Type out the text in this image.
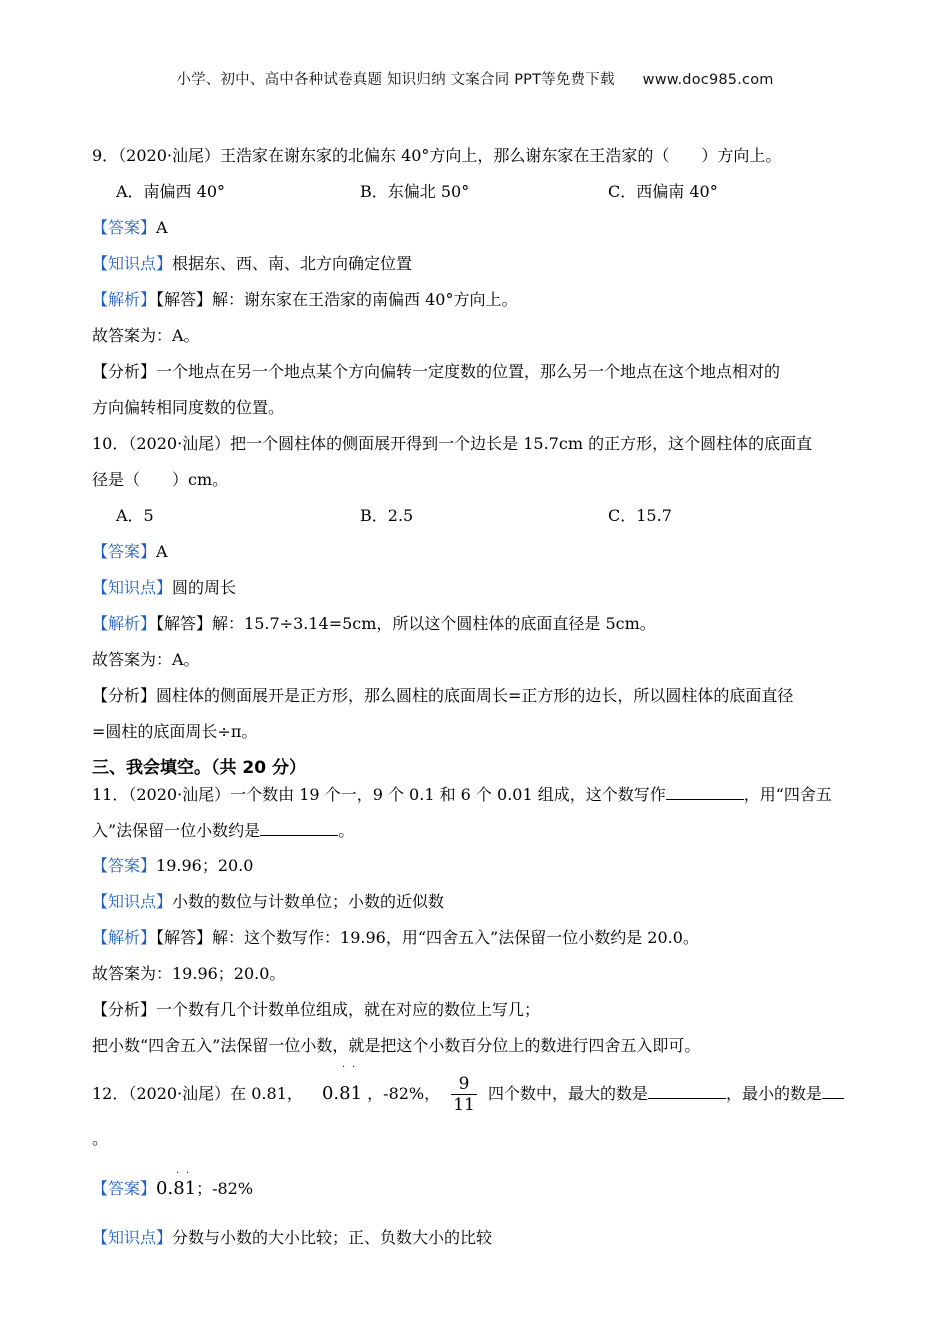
小学、初中、高中各种试卷真题 知识归纳 文案合同 PPT等免费下载 www.doc985.com
9．（2020·汕尾）王浩家在谢东家的北偏东 40°方向上，那么谢东家在王浩家的（　　）方向上。
A．南偏西 40°	B．东偏北 50°	C．西偏南 40°
【答案】A
【知识点】根据东、西、南、北方向确定位置
【解析】【解答】解：谢东家在王浩家的南偏西 40°方向上。
故答案为：A。
【分析】一个地点在另一个地点某个方向偏转一定度数的位置，那么另一个地点在这个地点相对的
方向偏转相同度数的位置。
10．（2020·汕尾）把一个圆柱体的侧面展开得到一个边长是 15.7cm 的正方形，这个圆柱体的底面直
径是（　　）cm。
A．5	B．2.5	C．15.7
【答案】A
【知识点】圆的周长
【解析】【解答】解：15.7÷3.14=5cm，所以这个圆柱体的底面直径是 5cm。
故答案为：A。
【分析】圆柱体的侧面展开是正方形，那么圆柱的底面周长=正方形的边长，所以圆柱体的底面直径
=圆柱的底面周长÷π。
三、我会填空。（共 20 分）
11．（2020·汕尾）一个数由 19 个一，9 个 0.1 和 6 个 0.01 组成，这个数写作	，用“四舍五
入”法保留一位小数约是	。
【答案】19.96；20.0
【知识点】小数的数位与计数单位；小数的近似数
【解析】【解答】解：这个数写作：19.96，用“四舍五入”法保留一位小数约是 20.0。
故答案为：19.96；20.0。
【分析】一个数有几个计数单位组成，就在对应的数位上写几；
把小数“四舍五入”法保留一位小数，就是把这个小数百分位上的数进行四舍五入即可。
12．（2020·汕尾）在 0.81，
· ·
0.81 ，-82%， $\frac{9}{11}$ 四个数中，最大的数是	，最小的数是
。
【答案】
· ·
0.81；-82%
【知识点】分数与小数的大小比较；正、负数大小的比较
